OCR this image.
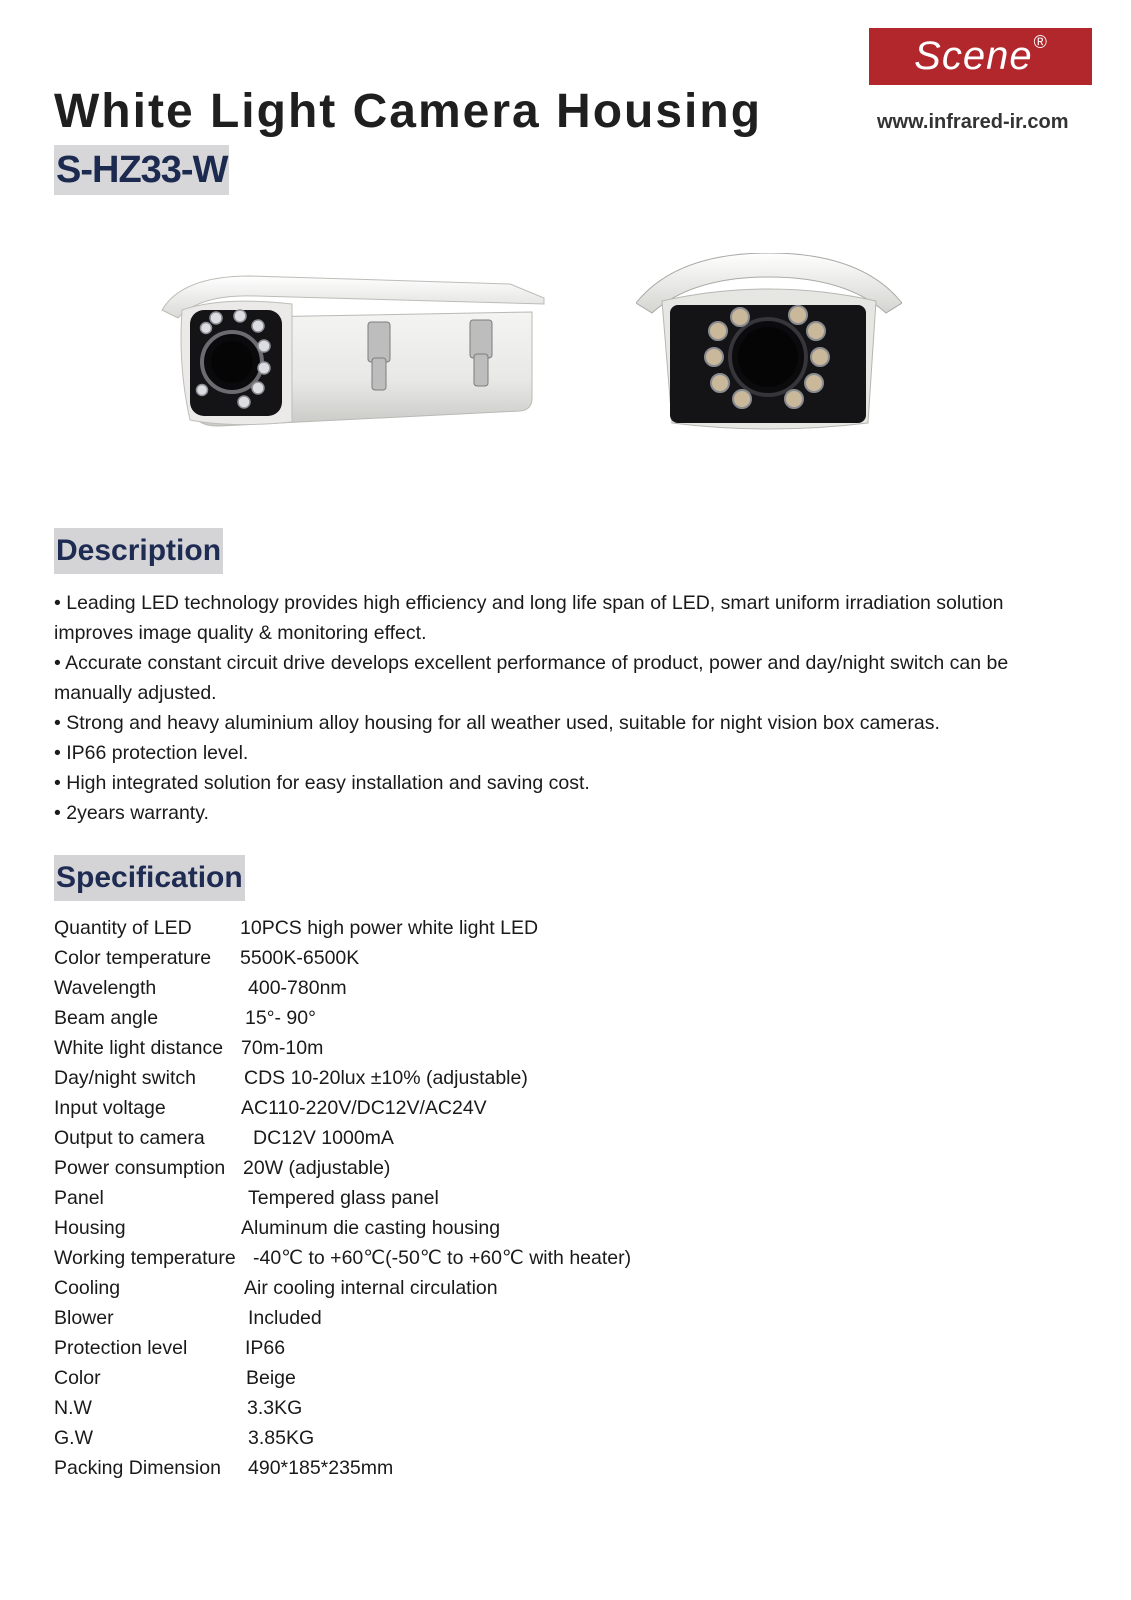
Scene ®
www.infrared-ir.com
White Light Camera Housing
S-HZ33-W
Description
• Leading LED technology provides high efficiency and long life span of LED, smart uniform irradiation solution improves image quality & monitoring effect.
• Accurate constant circuit drive develops excellent performance of product, power and day/night switch can be manually adjusted.
• Strong and heavy aluminium alloy housing for all weather used, suitable for night vision box cameras.
• IP66 protection level.
• High integrated solution for easy installation and saving cost.
• 2years warranty.
Specification
Quantity of LED 10PCS high power white light LED
Color temperature 5500K-6500K
Wavelength	400-780nm
Beam angle	15°- 90°
White light distance 70m-10m
Day/night switch CDS 10-20lux ±10% (adjustable)
Input voltage	AC110-220V/DC12V/AC24V
Output to camera DC12V 1000mA
Power consumption 20W (adjustable)
Panel	Tempered glass panel
Housing	Aluminum die casting housing
Working temperature -40℃ to +60℃(-50℃ to +60℃ with heater)
Cooling	Air cooling internal circulation
Blower	Included
Protection level	IP66
Color	Beige
N.W	3.3KG
G.W	3.85KG
Packing Dimension 490*185*235mm
